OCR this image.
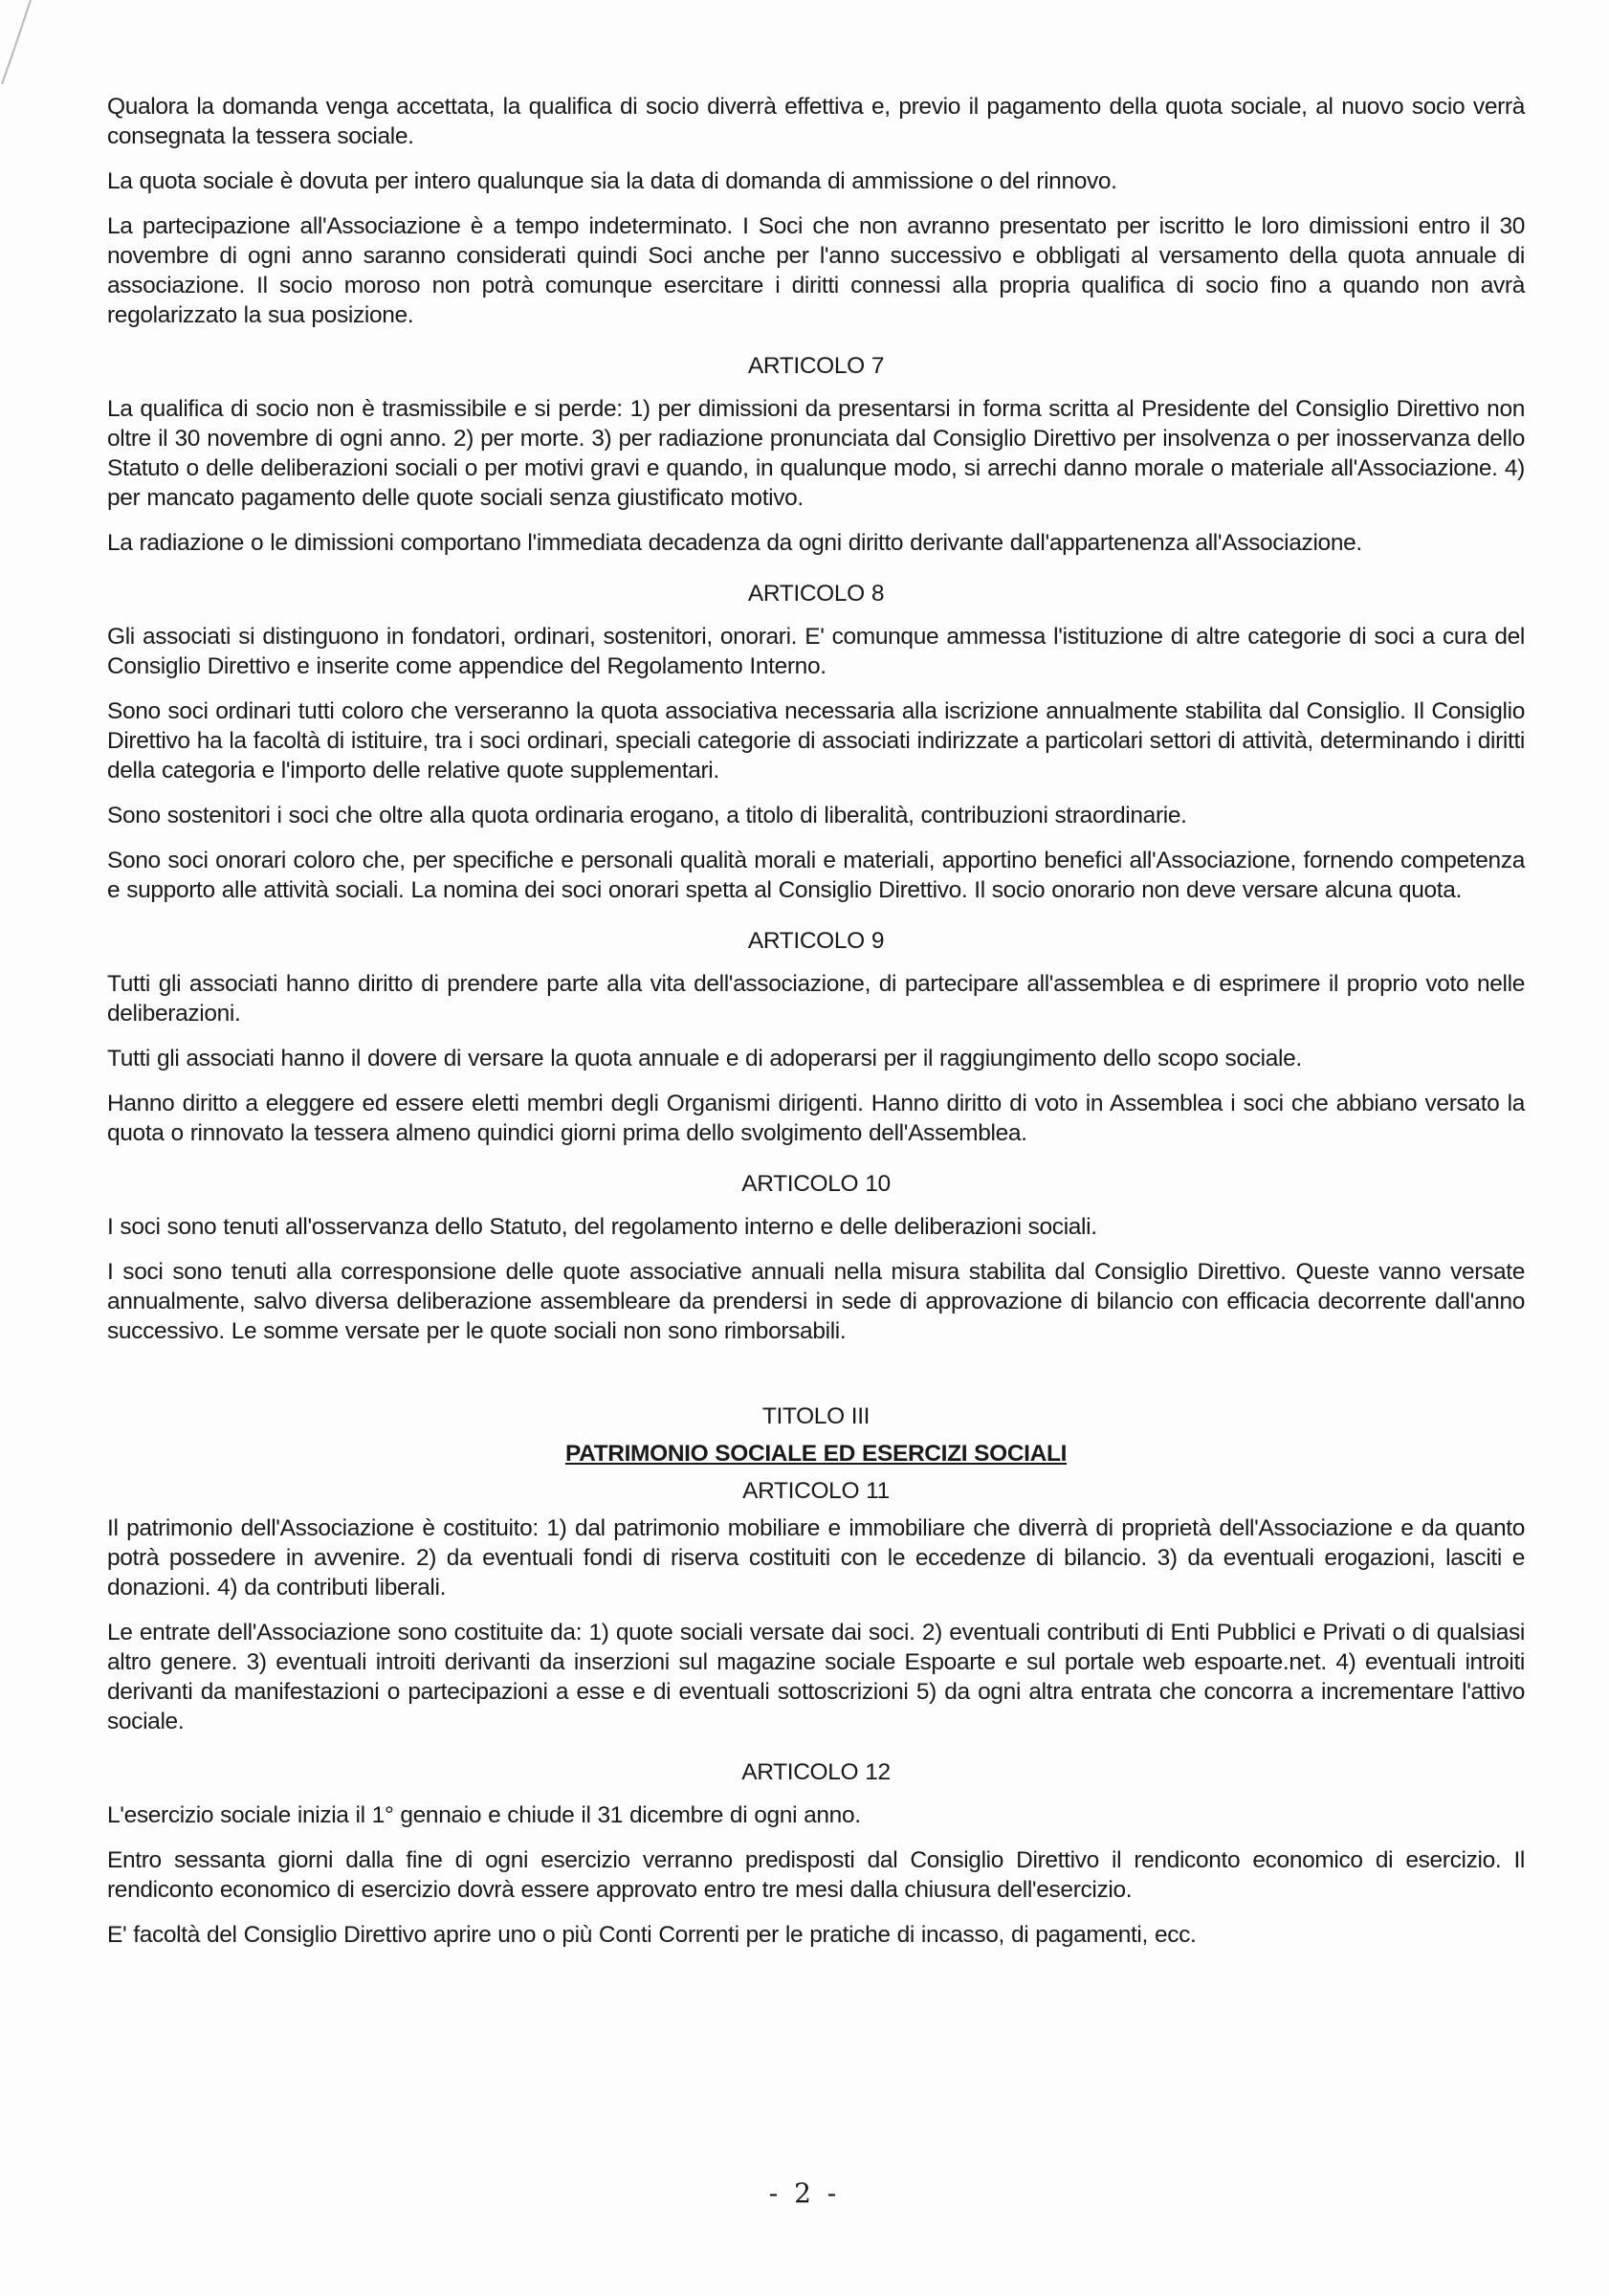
Qualora la domanda venga accettata, la qualifica di socio diverrà effettiva e, previo il pagamento della quota sociale, al nuovo socio verrà consegnata la tessera sociale.

La quota sociale è dovuta per intero qualunque sia la data di domanda di ammissione o del rinnovo.

La partecipazione all'Associazione è a tempo indeterminato. I Soci che non avranno presentato per iscritto le loro dimissioni entro il 30 novembre di ogni anno saranno considerati quindi Soci anche per l'anno successivo e obbligati al versamento della quota annuale di associazione. Il socio moroso non potrà comunque esercitare i diritti connessi alla propria qualifica di socio fino a quando non avrà regolarizzato la sua posizione.

ARTICOLO 7

La qualifica di socio non è trasmissibile e si perde: 1) per dimissioni da presentarsi in forma scritta al Presidente del Consiglio Direttivo non oltre il 30 novembre di ogni anno. 2) per morte. 3) per radiazione pronunciata dal Consiglio Direttivo per insolvenza o per inosservanza dello Statuto o delle deliberazioni sociali o per motivi gravi e quando, in qualunque modo, si arrechi danno morale o materiale all'Associazione. 4) per mancato pagamento delle quote sociali senza giustificato motivo.

La radiazione o le dimissioni comportano l'immediata decadenza da ogni diritto derivante dall'appartenenza all'Associazione.

ARTICOLO 8

Gli associati si distinguono in fondatori, ordinari, sostenitori, onorari. E' comunque ammessa l'istituzione di altre categorie di soci a cura del Consiglio Direttivo e inserite come appendice del Regolamento Interno.

Sono soci ordinari tutti coloro che verseranno la quota associativa necessaria alla iscrizione annualmente stabilita dal Consiglio. Il Consiglio Direttivo ha la facoltà di istituire, tra i soci ordinari, speciali categorie di associati indirizzate a particolari settori di attività, determinando i diritti della categoria e l'importo delle relative quote supplementari.

Sono sostenitori i soci che oltre alla quota ordinaria erogano, a titolo di liberalità, contribuzioni straordinarie.

Sono soci onorari coloro che, per specifiche e personali qualità morali e materiali, apportino benefici all'Associazione, fornendo competenza e supporto alle attività sociali. La nomina dei soci onorari spetta al Consiglio Direttivo. Il socio onorario non deve versare alcuna quota.

ARTICOLO 9

Tutti gli associati hanno diritto di prendere parte alla vita dell'associazione, di partecipare all'assemblea e di esprimere il proprio voto nelle deliberazioni.

Tutti gli associati hanno il dovere di versare la quota annuale e di adoperarsi per il raggiungimento dello scopo sociale.

Hanno diritto a eleggere ed essere eletti membri degli Organismi dirigenti. Hanno diritto di voto in Assemblea i soci che abbiano versato la quota o rinnovato la tessera almeno quindici giorni prima dello svolgimento dell'Assemblea.

ARTICOLO 10

I soci sono tenuti all'osservanza dello Statuto, del regolamento interno e delle deliberazioni sociali.

I soci sono tenuti alla corresponsione delle quote associative annuali nella misura stabilita dal Consiglio Direttivo. Queste vanno versate annualmente, salvo diversa deliberazione assembleare da prendersi in sede di approvazione di bilancio con efficacia decorrente dall'anno successivo. Le somme versate per le quote sociali non sono rimborsabili.

TITOLO III
PATRIMONIO SOCIALE ED ESERCIZI SOCIALI
ARTICOLO 11

Il patrimonio dell'Associazione è costituito: 1) dal patrimonio mobiliare e immobiliare che diverrà di proprietà dell'Associazione e da quanto potrà possedere in avvenire. 2) da eventuali fondi di riserva costituiti con le eccedenze di bilancio. 3) da eventuali erogazioni, lasciti e donazioni. 4) da contributi liberali.

Le entrate dell'Associazione sono costituite da: 1) quote sociali versate dai soci. 2) eventuali contributi di Enti Pubblici e Privati o di qualsiasi altro genere. 3) eventuali introiti derivanti da inserzioni sul magazine sociale Espoarte e sul portale web espoarte.net. 4) eventuali introiti derivanti da manifestazioni o partecipazioni a esse e di eventuali sottoscrizioni 5) da ogni altra entrata che concorra a incrementare l'attivo sociale.

ARTICOLO 12

L'esercizio sociale inizia il 1° gennaio e chiude il 31 dicembre di ogni anno.

Entro sessanta giorni dalla fine di ogni esercizio verranno predisposti dal Consiglio Direttivo il rendiconto economico di esercizio. Il rendiconto economico di esercizio dovrà essere approvato entro tre mesi dalla chiusura dell'esercizio.

E' facoltà del Consiglio Direttivo aprire uno o più Conti Correnti per le pratiche di incasso, di pagamenti, ecc.

- 2 -
